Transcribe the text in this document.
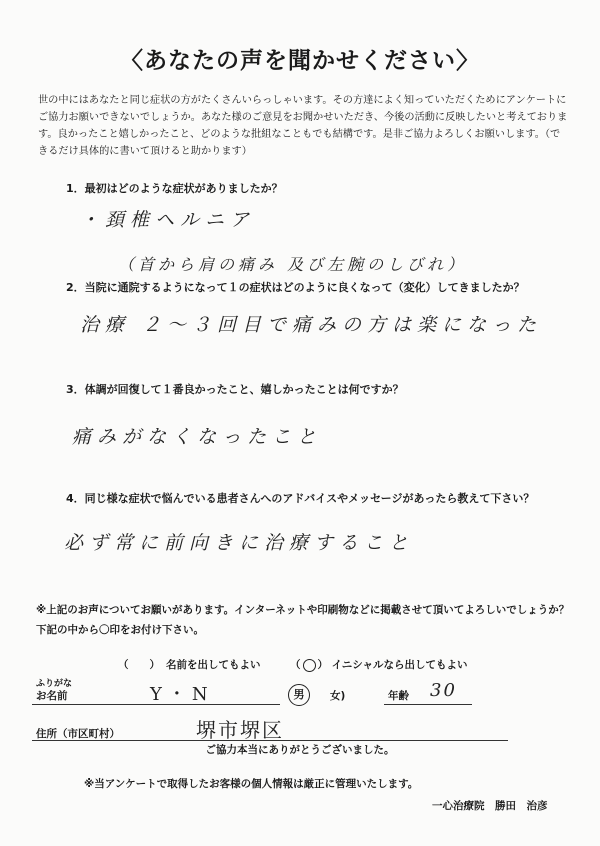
〈あなたの声を聞かせください〉
世の中にはあなたと同じ症状の方がたくさんいらっしゃいます。その方達によく知っていただくためにアンケートにご協力お願いできないでしょうか。あなた様のご意見をお聞かせいただき、今後の活動に反映したいと考えております。良かったこと嬉しかったこと、どのような批組なこともでも結構です。是非ご協力よろしくお願いします。（できるだけ具体的に書いて頂けると助かります）
1．最初はどのような症状がありましたか？
・頚椎ヘルニア
（首から肩の痛み 及び左腕のしびれ）
2．当院に通院するようになって１の症状はどのように良くなって（変化）してきましたか？
治療 ２～３回目で痛みの方は楽になった
3．体調が回復して１番良かったこと、嬉しかったことは何ですか？
痛みがなくなったこと
4．同じ様な症状で悩んでいる患者さんへのアドバイスやメッセージがあったら教えて下さい？
必ず常に前向きに治療すること
※上記のお声についてお願いがあります。インターネットや印刷物などに掲載させて頂いてよろしいでしょうか？下記の中から〇印をお付け下さい。
（　　） 名前を出してもよい	（ ） イニシャルなら出してもよい
ふりがな
お名前	Y・N	男	女)	年齢 30
住所（市区町村）	堺市堺区
ご協力本当にありがとうございました。
※当アンケートで取得したお客様の個人情報は厳正に管理いたします。
一心治療院　勝田　治彦
